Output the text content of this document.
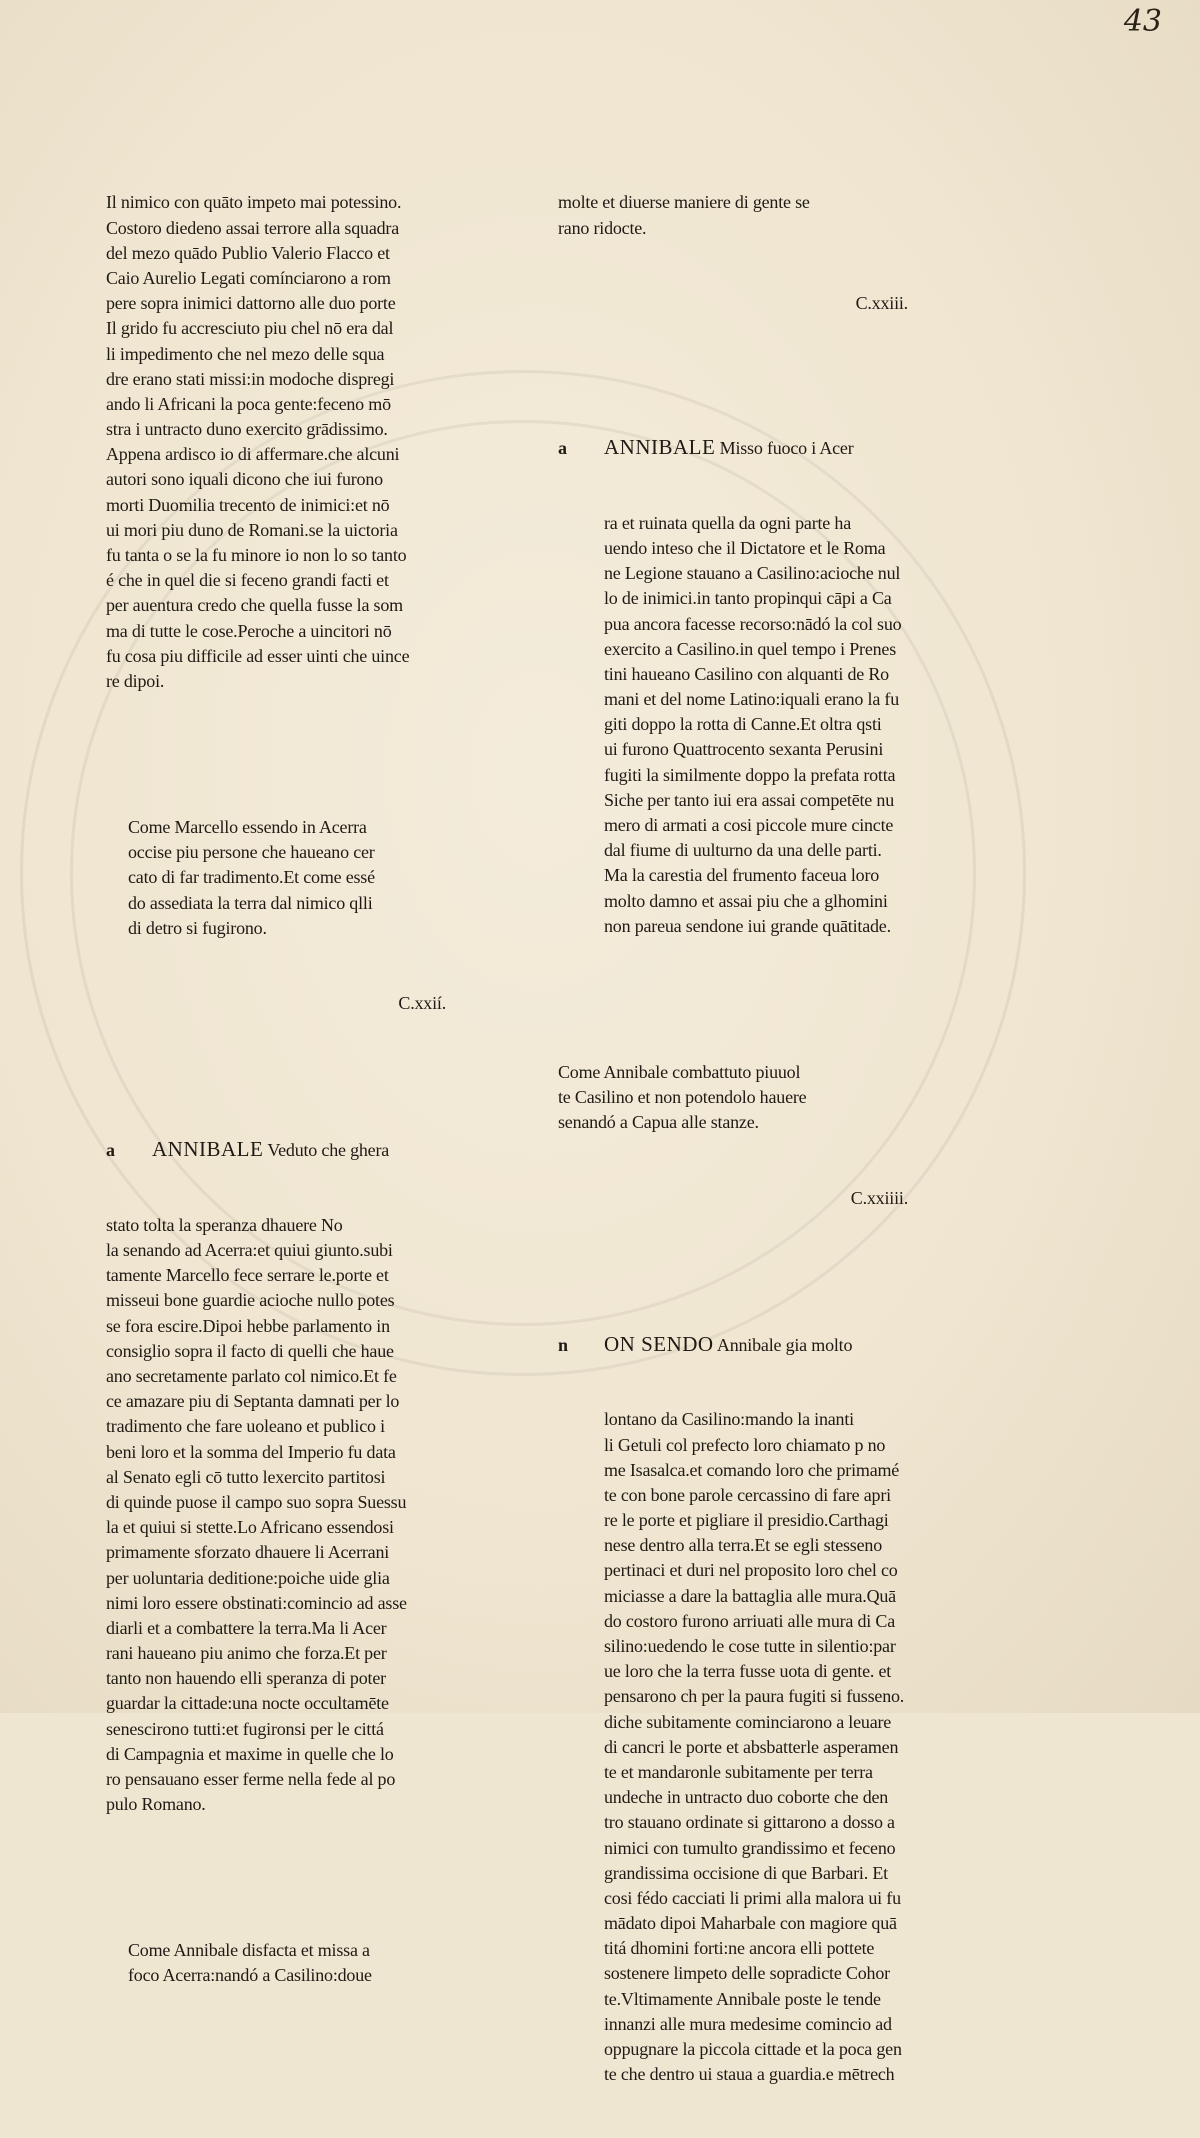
43

Il nimico con quāto impeto mai potessino.
Costoro diedeno assai terrore alla squadra
del mezo quādo Publio Valerio Flacco et
Caio Aurelio Legati comínciarono a rom
pere sopra inimici dattorno alle duo porte
Il grido fu accresciuto piu chel nō era dal
li impedimento che nel mezo delle squa
dre erano stati missi:in modoche dispregi
ando li Africani la poca gente:feceno mō
stra i untracto duno exercito grādissimo.
Appena ardisco io di affermare.che alcuni
autori sono iquali dicono che iui furono
morti Duomilia trecento de inimici:et nō
ui mori piu duno de Romani.se la uictoria
fu tanta o se la fu minore io non lo so tanto
é che in quel die si feceno grandi facti et
per auentura credo che quella fusse la som
ma di tutte le cose.Peroche a uincitori nō
fu cosa piu difficile ad esser uinti che uince
re dipoi.

Come Marcello essendo in Acerra
occise piu persone che haueano cer
cato di far tradimento.Et come essé
do assediata la terra dal nimico qlli
di detro si fugirono.

C.xxií.

a ANNIBALE Veduto che ghera

stato tolta la speranza dhauere No
la senando ad Acerra:et quiui giunto.subi
tamente Marcello fece serrare le.porte et
misseui bone guardie acioche nullo potes
se fora escire.Dipoi hebbe parlamento in
consiglio sopra il facto di quelli che haue
ano secretamente parlato col nimico.Et fe
ce amazare piu di Septanta damnati per lo
tradimento che fare uoleano et publico i
beni loro et la somma del Imperio fu data
al Senato egli cō tutto lexercito partitosi
di quinde puose il campo suo sopra Suessu
la et quiui si stette.Lo Africano essendosi
primamente sforzato dhauere li Acerrani
per uoluntaria deditione:poiche uide glia
nimi loro essere obstinati:comincio ad asse
diarli et a combattere la terra.Ma li Acer
rani haueano piu animo che forza.Et per
tanto non hauendo elli speranza di poter
guardar la cittade:una nocte occultamēte
senescirono tutti:et fugironsi per le cittá
di Campagnia et maxime in quelle che lo
ro pensauano esser ferme nella fede al po
pulo Romano.

Come Annibale disfacta et missa a
foco Acerra:nandó a Casilino:doue

molte et diuerse maniere di gente se
rano ridocte.

C.xxiii.

a ANNIBALE Misso fuoco i Acer

ra et ruinata quella da ogni parte ha
uendo inteso che il Dictatore et le Roma
ne Legione stauano a Casilino:acioche nul
lo de inimici.in tanto propinqui cāpi a Ca
pua ancora facesse recorso:nādó la col suo
exercito a Casilino.in quel tempo i Prenes
tini haueano Casilino con alquanti de Ro
mani et del nome Latino:iquali erano la fu
giti doppo la rotta di Canne.Et oltra qsti
ui furono Quattrocento sexanta Perusini
fugiti la similmente doppo la prefata rotta
Siche per tanto iui era assai competēte nu
mero di armati a cosi piccole mure cincte
dal fiume di uulturno da una delle parti.
Ma la carestia del frumento faceua loro
molto damno et assai piu che a glhomini
non pareua sendone iui grande quātitade.

Come Annibale combattuto piuuol
te Casilino et non potendolo hauere
senandó a Capua alle stanze.

C.xxiiii.

n ON SENDO Annibale gia molto

lontano da Casilino:mando la inanti
li Getuli col prefecto loro chiamato p no
me Isasalca.et comando loro che primamé
te con bone parole cercassino di fare apri
re le porte et pigliare il presidio.Carthagi
nese dentro alla terra.Et se egli stesseno
pertinaci et duri nel proposito loro chel co
miciasse a dare la battaglia alle mura.Quā
do costoro furono arriuati alle mura di Ca
silino:uedendo le cose tutte in silentio:par
ue loro che la terra fusse uota di gente. et
pensarono ch per la paura fugiti si fusseno.
diche subitamente cominciarono a leuare
di cancri le porte et absbatterle asperamen
te et mandaronle subitamente per terra
undeche in untracto duo coborte che den
tro stauano ordinate si gittarono a dosso a
nimici con tumulto grandissimo et feceno
grandissima occisione di que Barbari. Et
cosi fédo cacciati li primi alla malora ui fu
mādato dipoi Maharbale con magiore quā
titá dhomini forti:ne ancora elli pottete
sostenere limpeto delle sopradicte Cohor
te.Vltimamente Annibale poste le tende
innanzi alle mura medesime comincio ad
oppugnare la piccola cittade et la poca gen
te che dentro ui staua a guardia.e mētrech
